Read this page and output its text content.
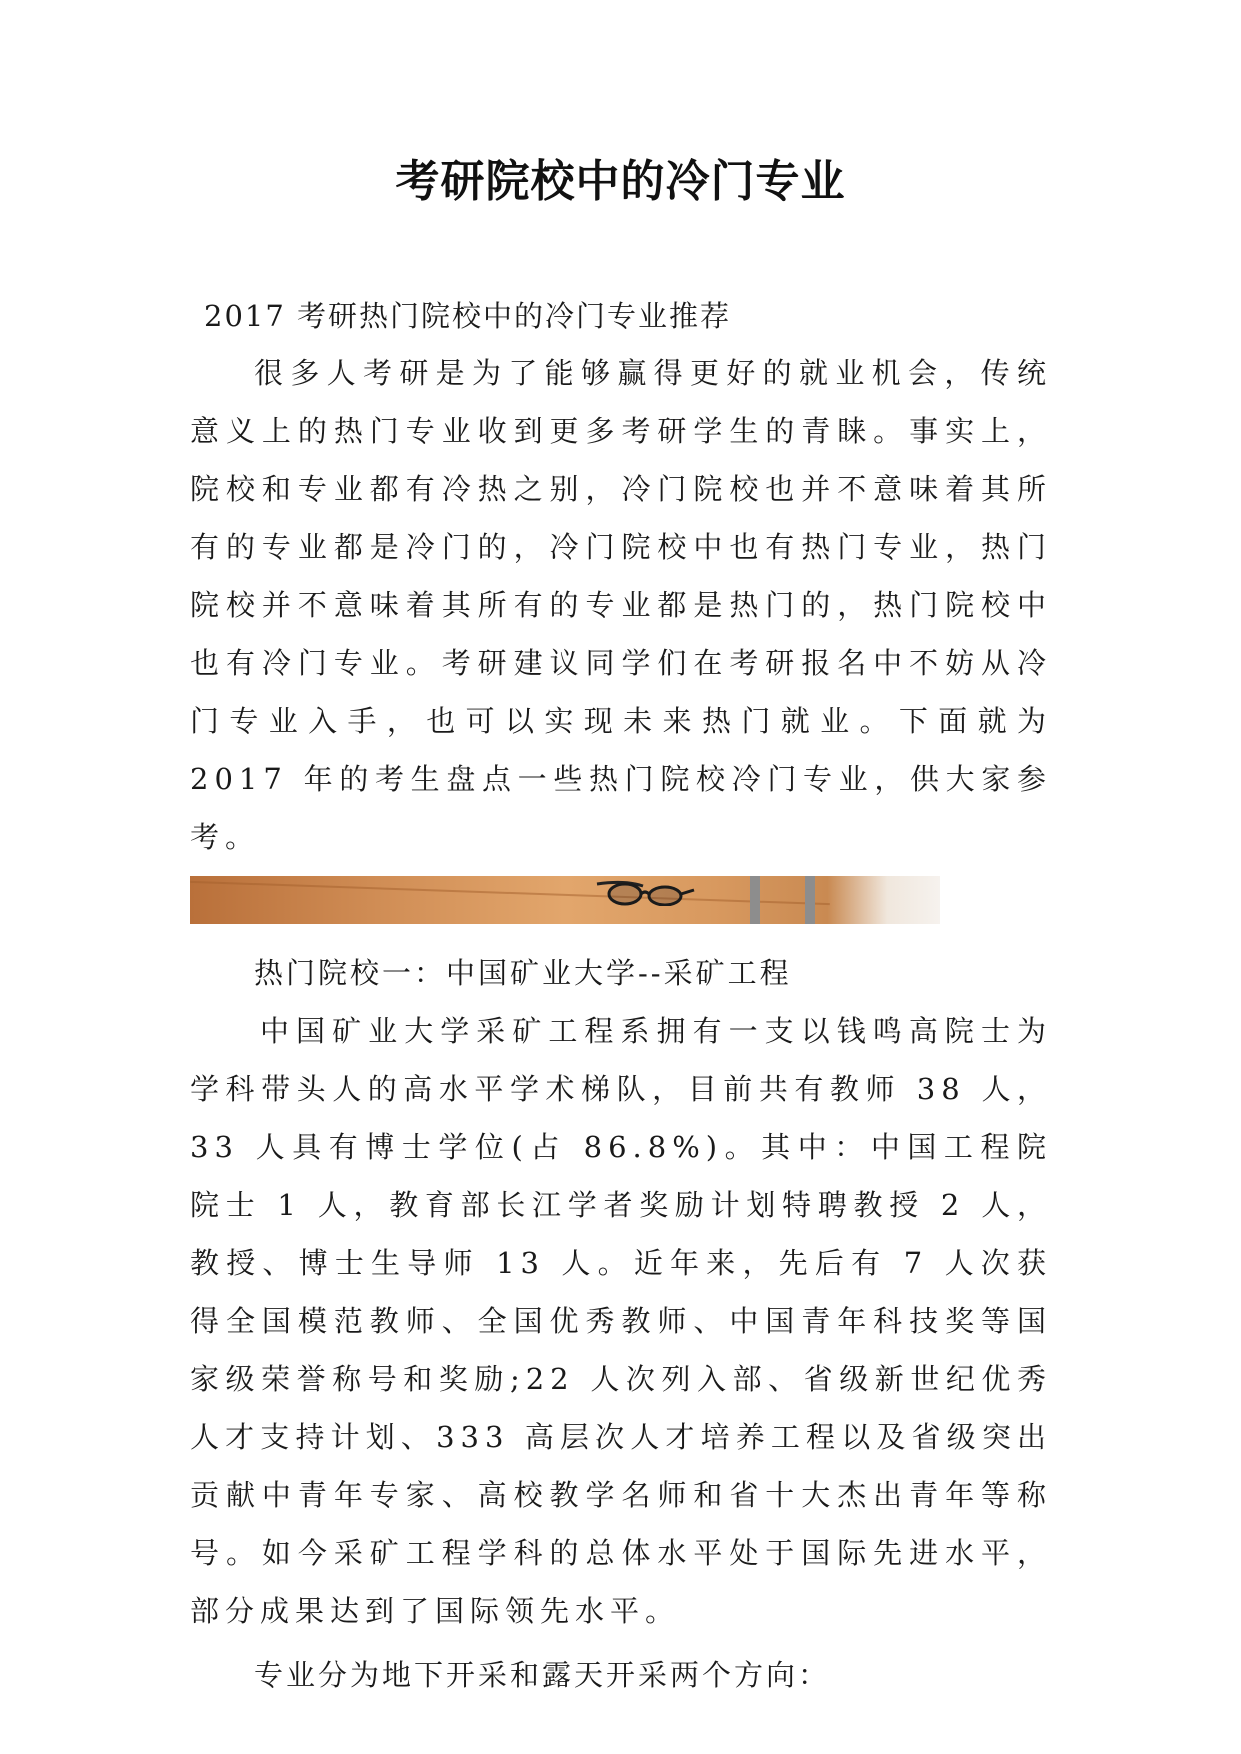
考研院校中的冷门专业

2017 考研热门院校中的冷门专业推荐

很多人考研是为了能够赢得更好的就业机会，传统意义上的热门专业收到更多考研学生的青睐。事实上，院校和专业都有冷热之别，冷门院校也并不意味着其所有的专业都是冷门的，冷门院校中也有热门专业，热门院校并不意味着其所有的专业都是热门的，热门院校中也有冷门专业。考研建议同学们在考研报名中不妨从冷门专业入手，也可以实现未来热门就业。下面就为 2017 年的考生盘点一些热门院校冷门专业，供大家参考。

热门院校一：中国矿业大学--采矿工程

中国矿业大学采矿工程系拥有一支以钱鸣高院士为学科带头人的高水平学术梯队，目前共有教师 38 人，33 人具有博士学位(占 86.8%)。其中：中国工程院院士 1 人，教育部长江学者奖励计划特聘教授 2 人，教授、博士生导师 13 人。近年来，先后有 7 人次获得全国模范教师、全国优秀教师、中国青年科技奖等国家级荣誉称号和奖励;22 人次列入部、省级新世纪优秀人才支持计划、333 高层次人才培养工程以及省级突出贡献中青年专家、高校教学名师和省十大杰出青年等称号。如今采矿工程学科的总体水平处于国际先进水平，部分成果达到了国际领先水平。

专业分为地下开采和露天开采两个方向：
